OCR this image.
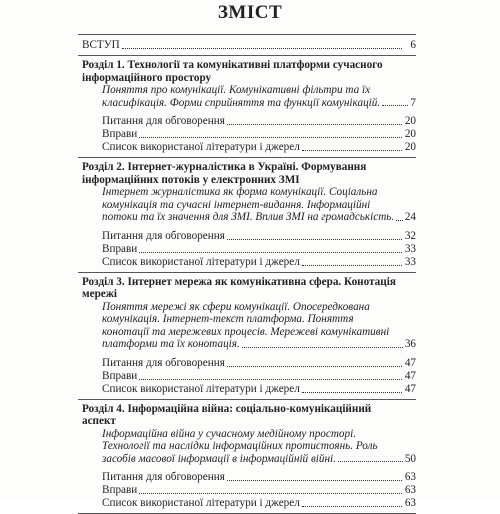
ЗМІСТ
ВСТУП	6
Розділ 1. Технології та комунікативні платформи сучасного
інформаційного простору
Поняття про комунікації. Комунікативні фільтри та їх
класифікація. Форми сприйняття та функції комунікацій.	7
Питання для обговорення	20
Вправи	20
Список використаної літератури і джерел	20
Розділ 2. Інтернет-журналістика в Україні. Формування
інформаційних потоків у електронних ЗМІ
Інтернет журналістика як форма комунікації. Соціальна
комунікація та сучасні інтернет-видання. Інформаційні
потоки та їх значення для ЗМІ. Вплив ЗМІ на громадськість. 24
Питання для обговорення	32
Вправи	33
Список використаної літератури і джерел	33
Розділ 3. Інтернет мережа як комунікативна сфера. Конотація
мережі
Поняття мережі як сфери комунікації. Опосередкована
комунікація. Інтернет-текст платформа. Поняття
конотації та мережевих процесів. Мережеві комунікативні
платформи та їх конотація.	36
Питання для обговорення	47
Вправи	47
Список використаної літератури і джерел	47
Розділ 4. Інформаційна війна: соціально-комунікаційний
аспект
Інформаційна війна у сучасному медійному просторі.
Технології та наслідки інформаційних протистоянь. Роль
засобів масової інформації в інформаційній війні.	50
Питання для обговорення	63
Вправи	63
Список використаної літератури і джерел	63
